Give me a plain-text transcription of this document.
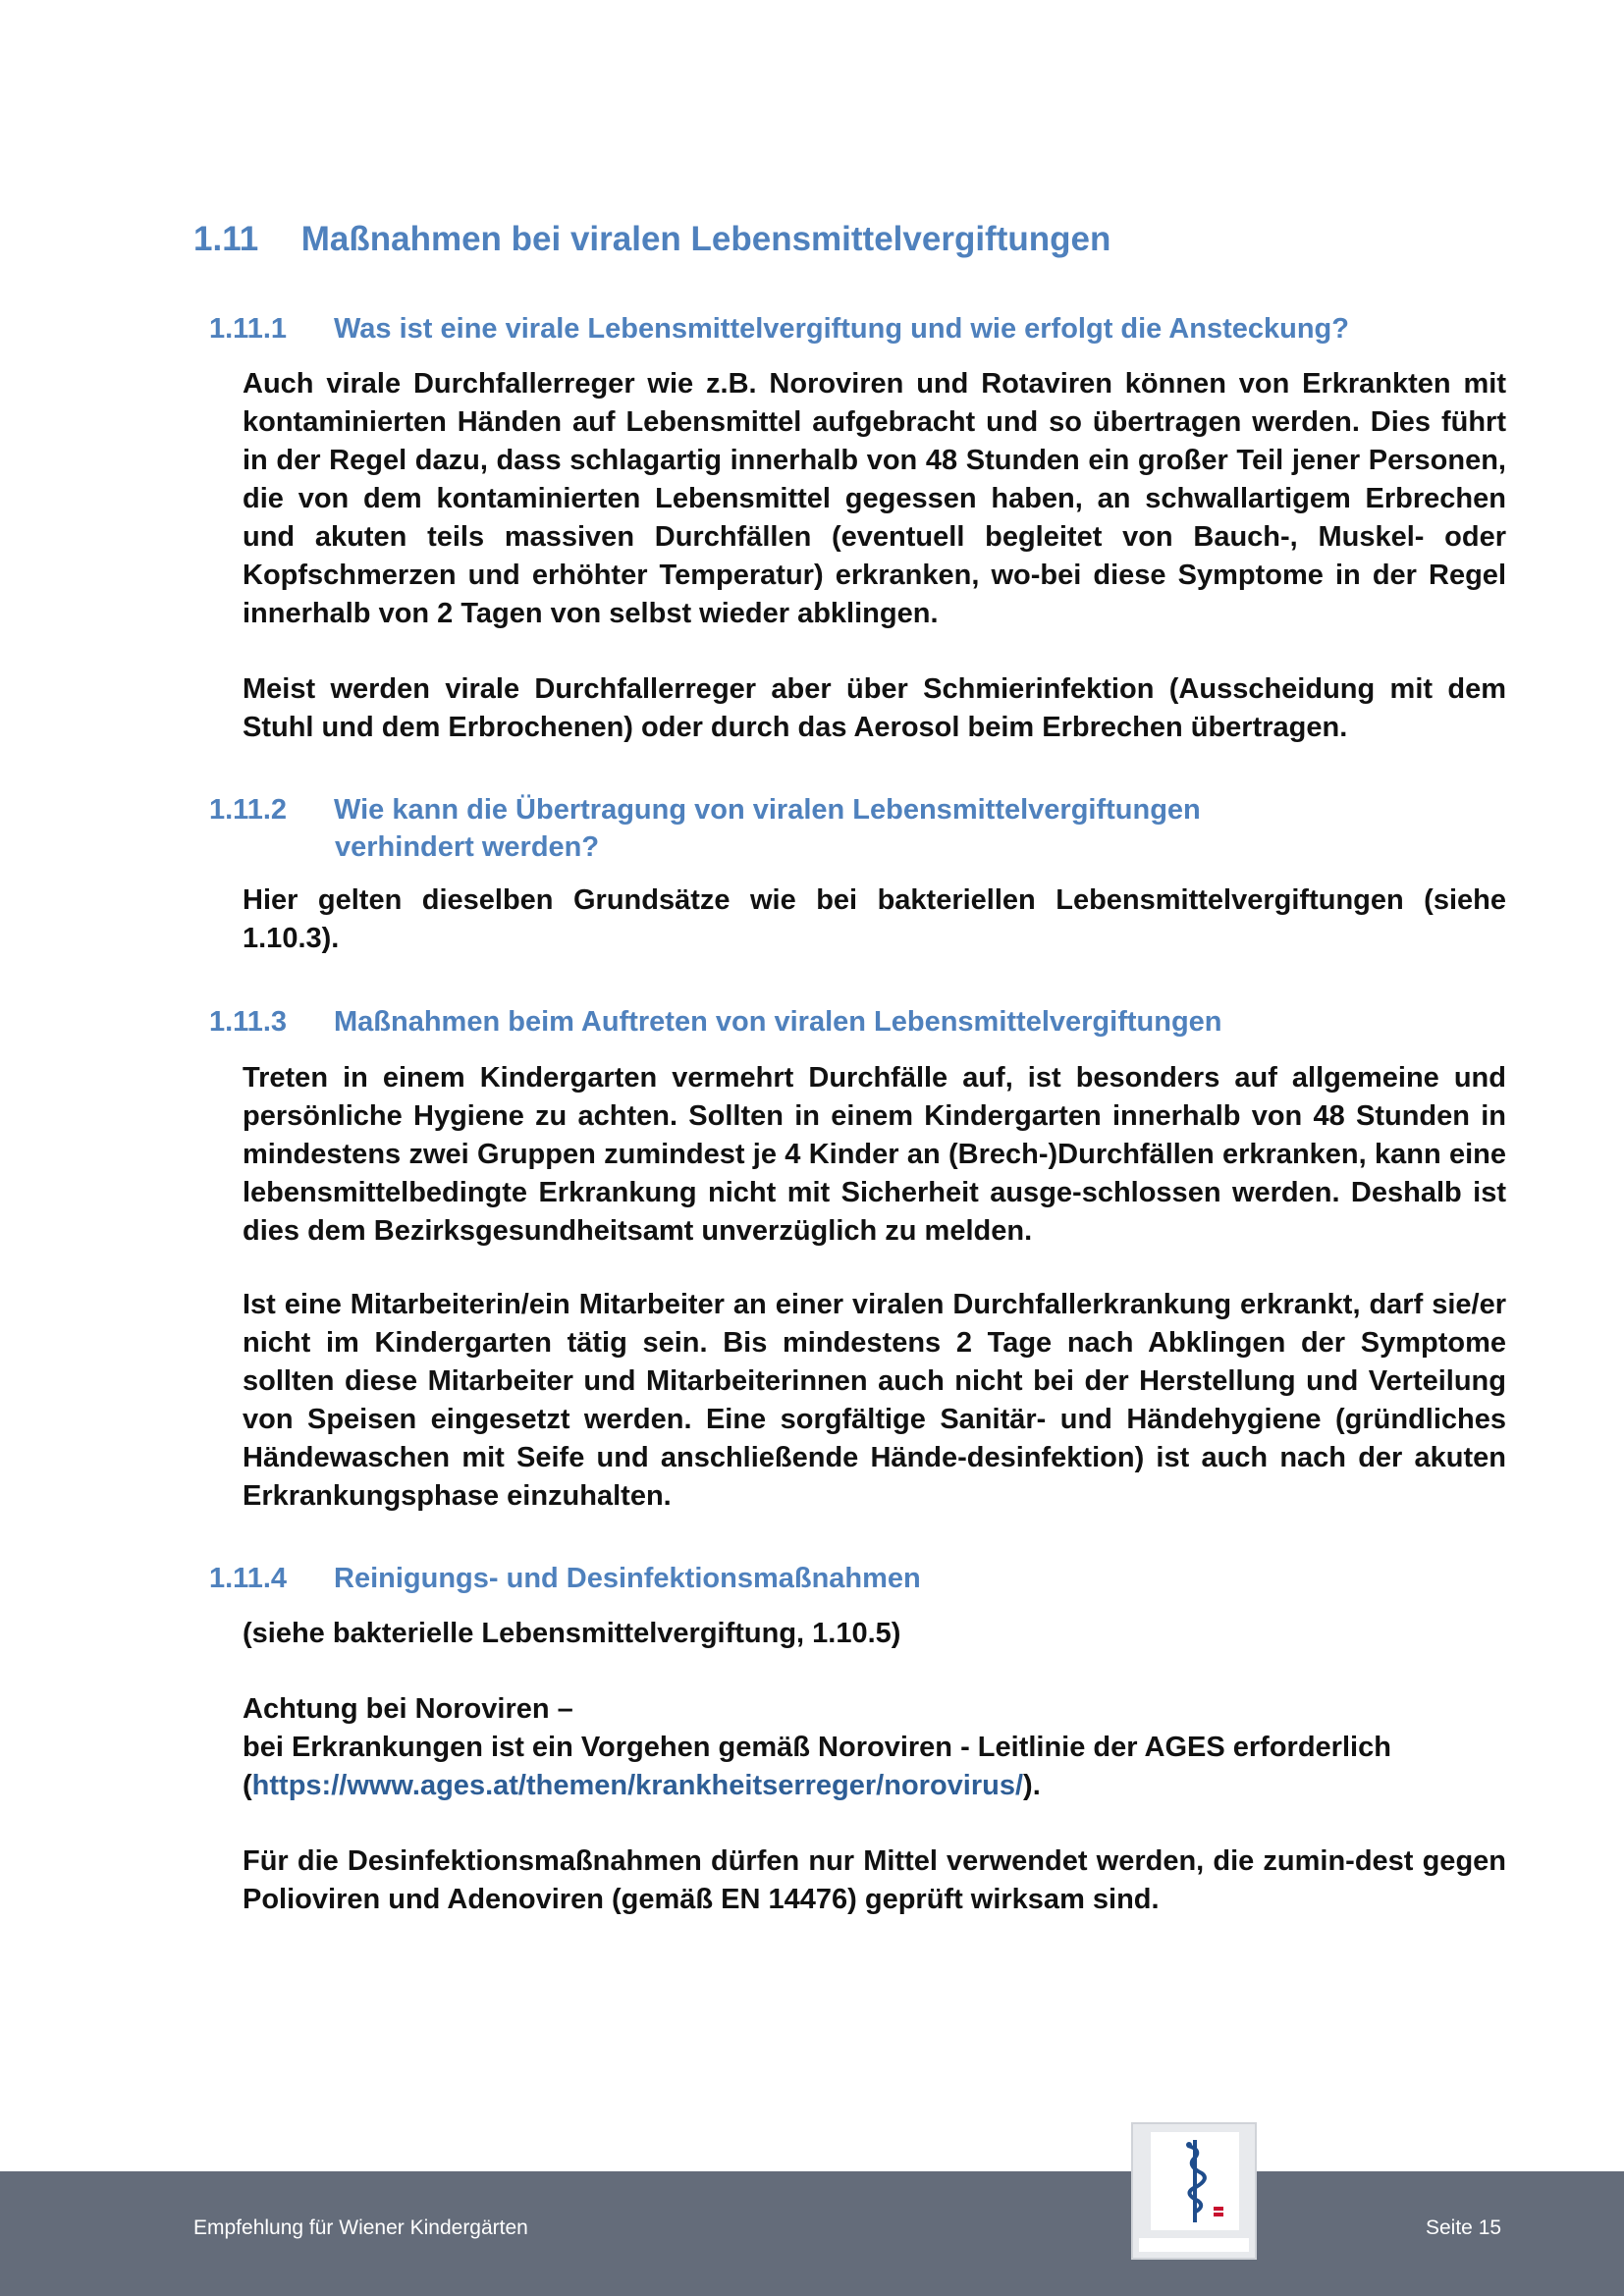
1.11 Maßnahmen bei viralen Lebensmittelvergiftungen
1.11.1 Was ist eine virale Lebensmittelvergiftung und wie erfolgt die Ansteckung?

Auch virale Durchfallerreger wie z.B. Noroviren und Rotaviren können von Erkrankten mit kontaminierten Händen auf Lebensmittel aufgebracht und so übertragen werden. Dies führt in der Regel dazu, dass schlagartig innerhalb von 48 Stunden ein großer Teil jener Personen, die von dem kontaminierten Lebensmittel gegessen haben, an schwallartigem Erbrechen und akuten teils massiven Durchfällen (eventuell begleitet von Bauch-, Muskel- oder Kopfschmerzen und erhöhter Temperatur) erkranken, wo-bei diese Symptome in der Regel innerhalb von 2 Tagen von selbst wieder abklingen.

Meist werden virale Durchfallerreger aber über Schmierinfektion (Ausscheidung mit dem Stuhl und dem Erbrochenen) oder durch das Aerosol beim Erbrechen übertragen.

1.11.2 Wie kann die Übertragung von viralen Lebensmittelvergiftungen
verhindert werden?

Hier gelten dieselben Grundsätze wie bei bakteriellen Lebensmittelvergiftungen (siehe 1.10.3).

1.11.3 Maßnahmen beim Auftreten von viralen Lebensmittelvergiftungen

Treten in einem Kindergarten vermehrt Durchfälle auf, ist besonders auf allgemeine und persönliche Hygiene zu achten. Sollten in einem Kindergarten innerhalb von 48 Stunden in mindestens zwei Gruppen zumindest je 4 Kinder an (Brech-)Durchfällen erkranken, kann eine lebensmittelbedingte Erkrankung nicht mit Sicherheit ausge-schlossen werden. Deshalb ist dies dem Bezirksgesundheitsamt unverzüglich zu melden.

Ist eine Mitarbeiterin/ein Mitarbeiter an einer viralen Durchfallerkrankung erkrankt, darf sie/er nicht im Kindergarten tätig sein. Bis mindestens 2 Tage nach Abklingen der Symptome sollten diese Mitarbeiter und Mitarbeiterinnen auch nicht bei der Herstellung und Verteilung von Speisen eingesetzt werden. Eine sorgfältige Sanitär- und Händehygiene (gründliches Händewaschen mit Seife und anschließende Hände-desinfektion) ist auch nach der akuten Erkrankungsphase einzuhalten.

1.11.4 Reinigungs- und Desinfektionsmaßnahmen

(siehe bakterielle Lebensmittelvergiftung, 1.10.5)

Achtung bei Noroviren –
bei Erkrankungen ist ein Vorgehen gemäß Noroviren - Leitlinie der AGES erforderlich
(https://www.ages.at/themen/krankheitserreger/norovirus/).

Für die Desinfektionsmaßnahmen dürfen nur Mittel verwendet werden, die zumin-dest gegen Polioviren und Adenoviren (gemäß EN 14476) geprüft wirksam sind.

Empfehlung für Wiener Kindergärten	Seite 15
